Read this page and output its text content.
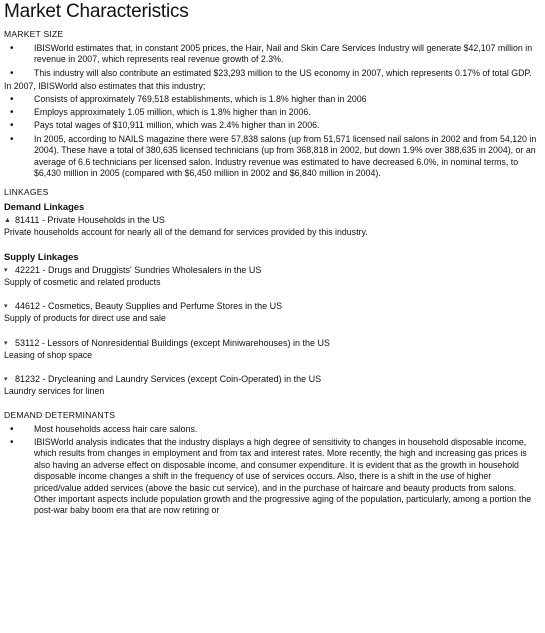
Market Characteristics
MARKET SIZE
• IBISWorld estimates that, in constant 2005 prices, the Hair, Nail and Skin Care Services Industry will generate $42,107 million in revenue in 2007, which represents real revenue growth of 2.3%.
• This industry will also contribute an estimated $23,293 million to the US economy in 2007, which represents 0.17% of total GDP.
In 2007, IBISWorld also estimates that this industry;
• Consists of approximately 769,518 establishments, which is 1.8% higher than in 2006
• Employs approximately 1.05 million, which is 1.8% higher than in 2006.
• Pays total wages of $10,911 million, which was 2.4% higher than in 2006.
• In 2005, according to NAILS magazine there were 57,838 salons (up from 51,571 licensed nail salons in 2002 and from 54,120 in 2004). These have a total of 380,635 licensed technicians (up from 368,818 in 2002, but down 1.9% over 388,635 in 2004), or an average of 6.6 technicians per licensed salon. Industry revenue was estimated to have decreased 6.0%, in nominal terms, to $6,430 million in 2005 (compared with $6,450 million in 2002 and $6,840 million in 2004).
LINKAGES
Demand Linkages
▲ 81411 - Private Households in the US
Private households account for nearly all of the demand for services provided by this industry.
Supply Linkages
▾ 42221 - Drugs and Druggists' Sundries Wholesalers in the US
Supply of cosmetic and related products
▾ 44612 - Cosmetics, Beauty Supplies and Perfume Stores in the US
Supply of products for direct use and sale
▾ 53112 - Lessors of Nonresidential Buildings (except Miniwarehouses) in the US
Leasing of shop space
▾ 81232 - Drycleaning and Laundry Services (except Coin-Operated) in the US
Laundry services for linen
DEMAND DETERMINANTS
• Most households access hair care salons.
• IBISWorld analysis indicates that the industry displays a high degree of sensitivity to changes in household disposable income, which results from changes in employment and from tax and interest rates. More recently, the high and increasing gas prices is also having an adverse effect on disposable income, and consumer expenditure. It is evident that as the growth in household disposable income changes a shift in the frequency of use of services occurs. Also, there is a shift in the use of higher priced/value added services (above the basic cut service), and in the purchase of haircare and beauty products from salons. Other important aspects include population growth and the progressive aging of the population, particularly, among a portion the post-war baby boom era that are now retiring or
